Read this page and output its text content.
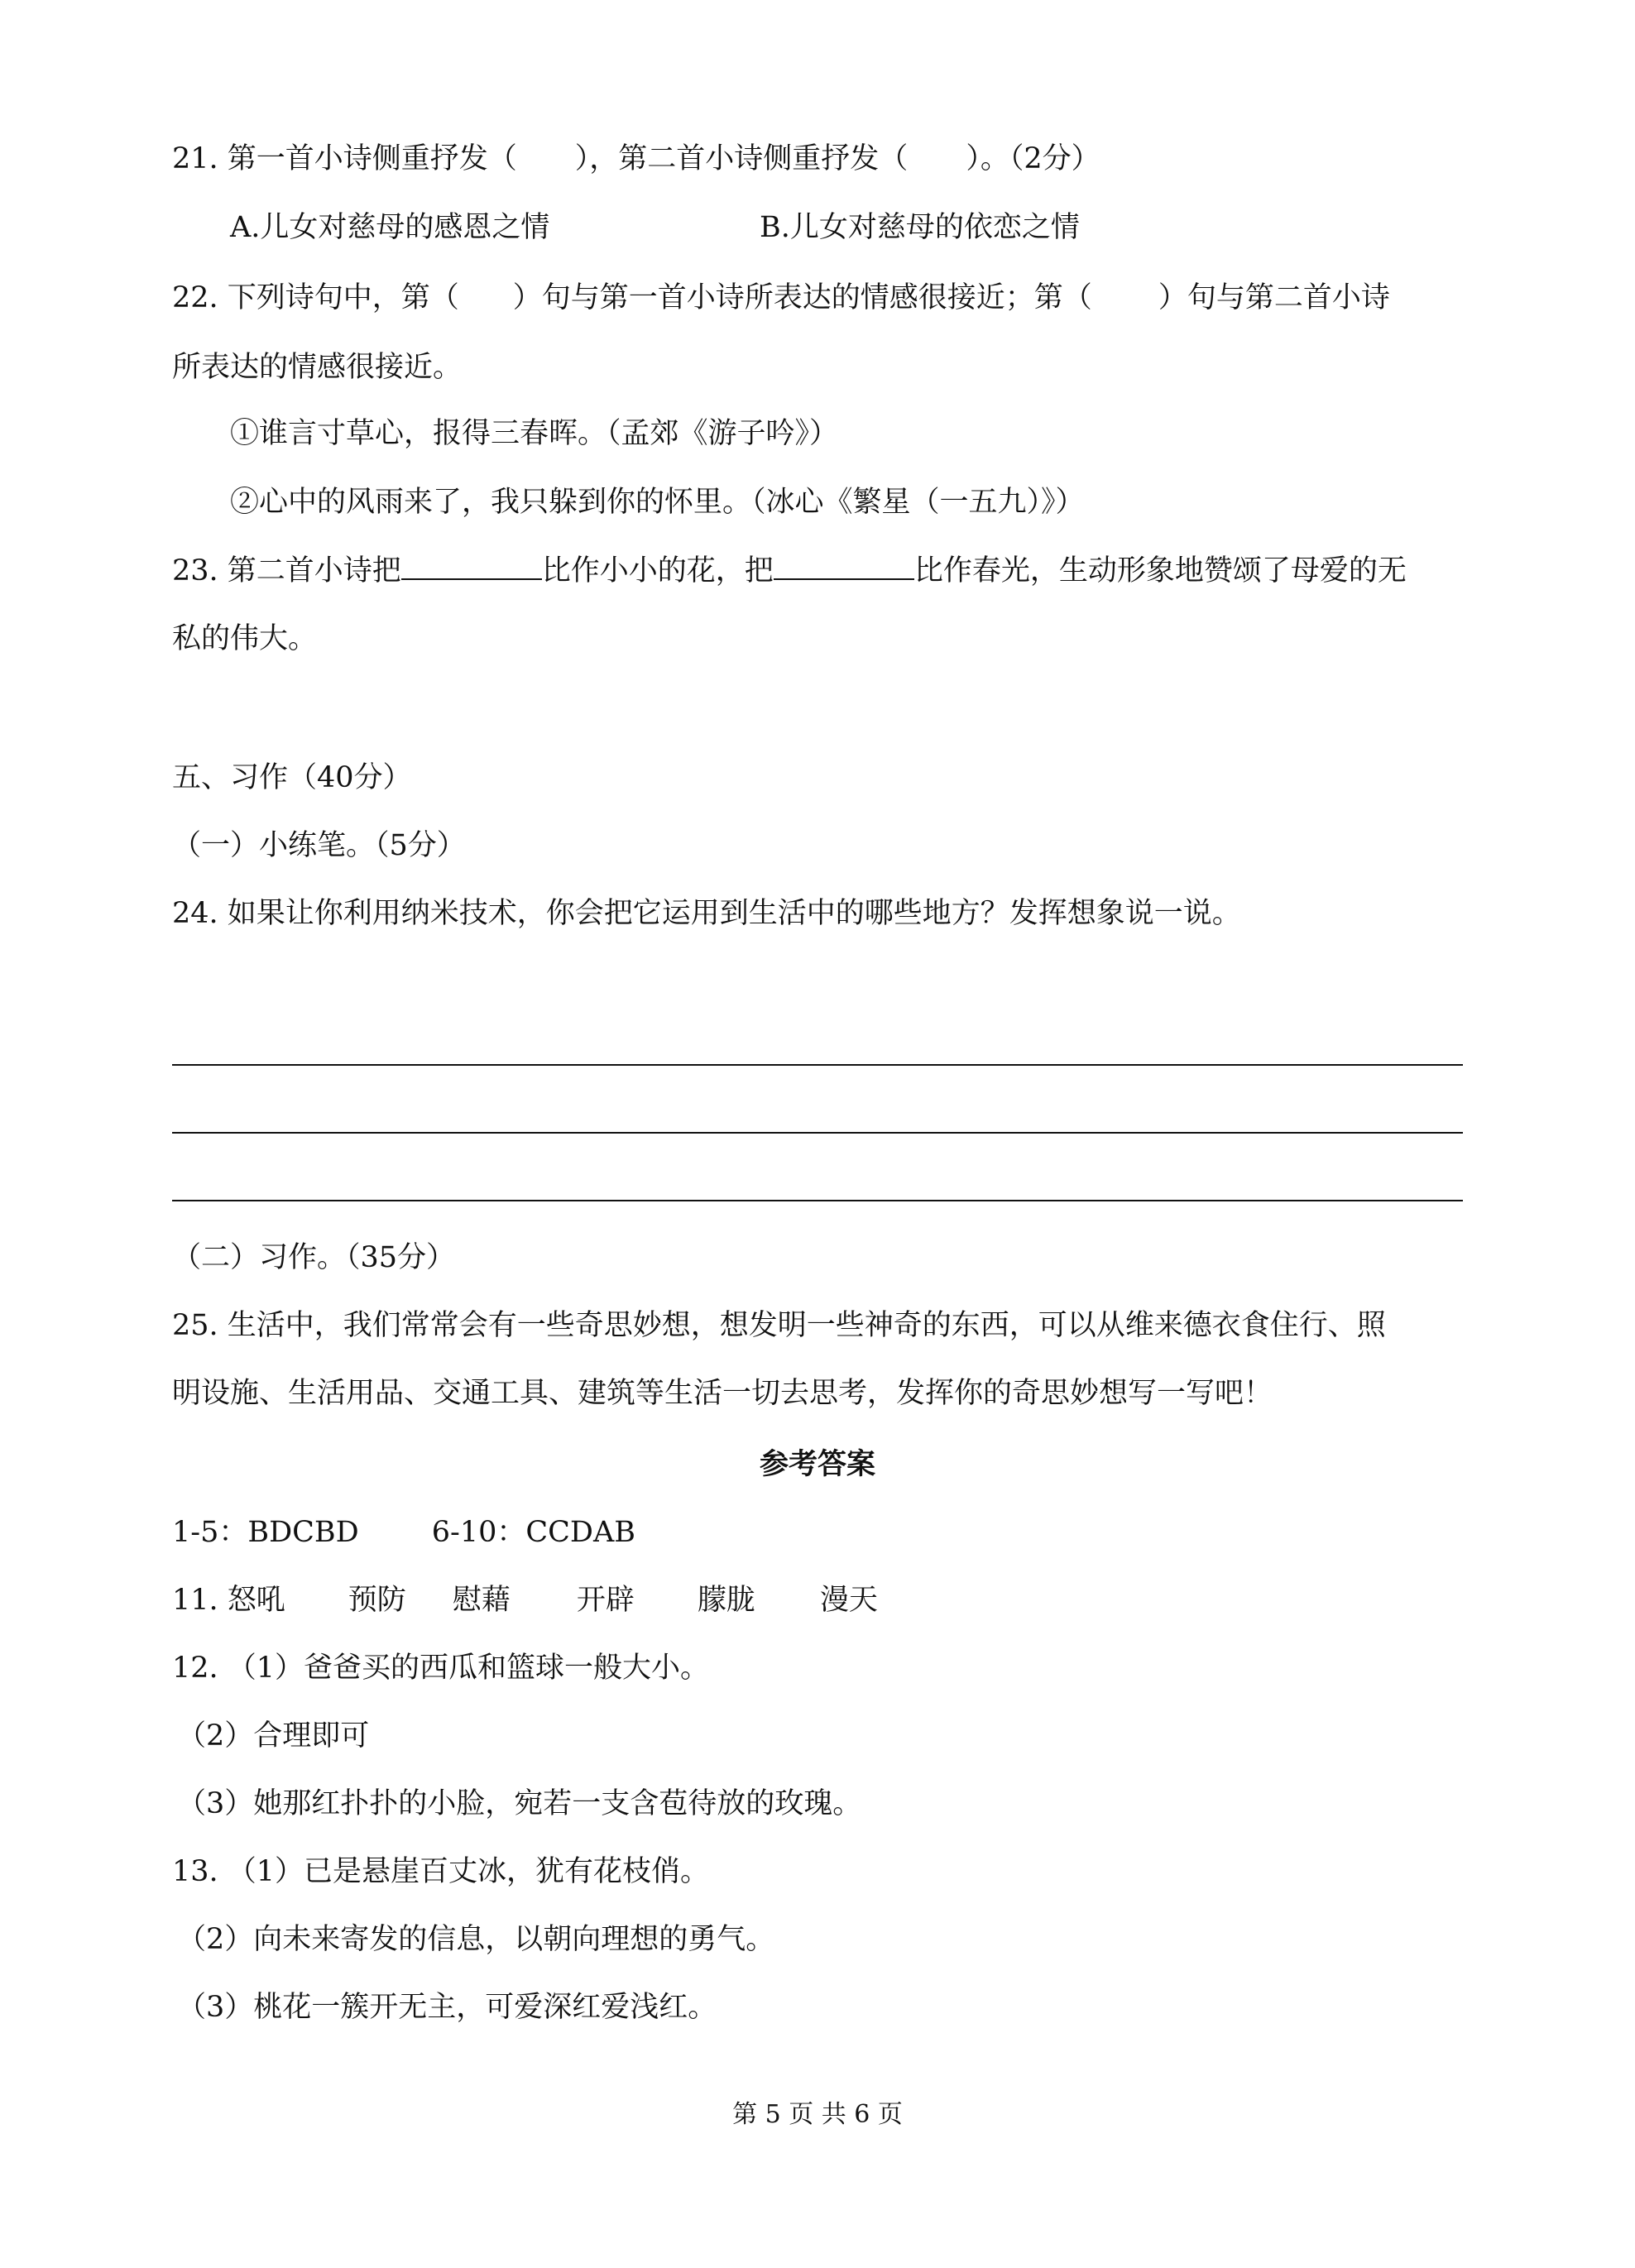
21. 第一首小诗侧重抒发（ ），第二首小诗侧重抒发（ ）。（2分）
A.儿女对慈母的感恩之情	B.儿女对慈母的依恋之情
22. 下列诗句中，第（ ）句与第一首小诗所表达的情感很接近；第（ ）句与第二首小诗
所表达的情感很接近。
①谁言寸草心，报得三春晖。（孟郊《游子吟》）
②心中的风雨来了，我只躲到你的怀里。（冰心《繁星（一五九）》）
23. 第二首小诗把	比作小小的花，把	比作春光，生动形象地赞颂了母爱的无
私的伟大。
五、习作（40分）
（一）小练笔。（5分）
24. 如果让你利用纳米技术，你会把它运用到生活中的哪些地方？发挥想象说一说。
（二）习作。（35分）
25. 生活中，我们常常会有一些奇思妙想，想发明一些神奇的东西，可以从维来德衣食住行、照
明设施、生活用品、交通工具、建筑等生活一切去思考，发挥你的奇思妙想写一写吧！
参考答案
1-5：BDCBD	6-10：CCDAB
11. 怒吼 预防 慰藉 开辟 朦胧 漫天
12. （1）爸爸买的西瓜和篮球一般大小。
（2）合理即可
（3）她那红扑扑的小脸，宛若一支含苞待放的玫瑰。
13. （1）已是悬崖百丈冰，犹有花枝俏。
（2）向未来寄发的信息，以朝向理想的勇气。
（3）桃花一簇开无主，可爱深红爱浅红。
第 5 页 共 6 页
